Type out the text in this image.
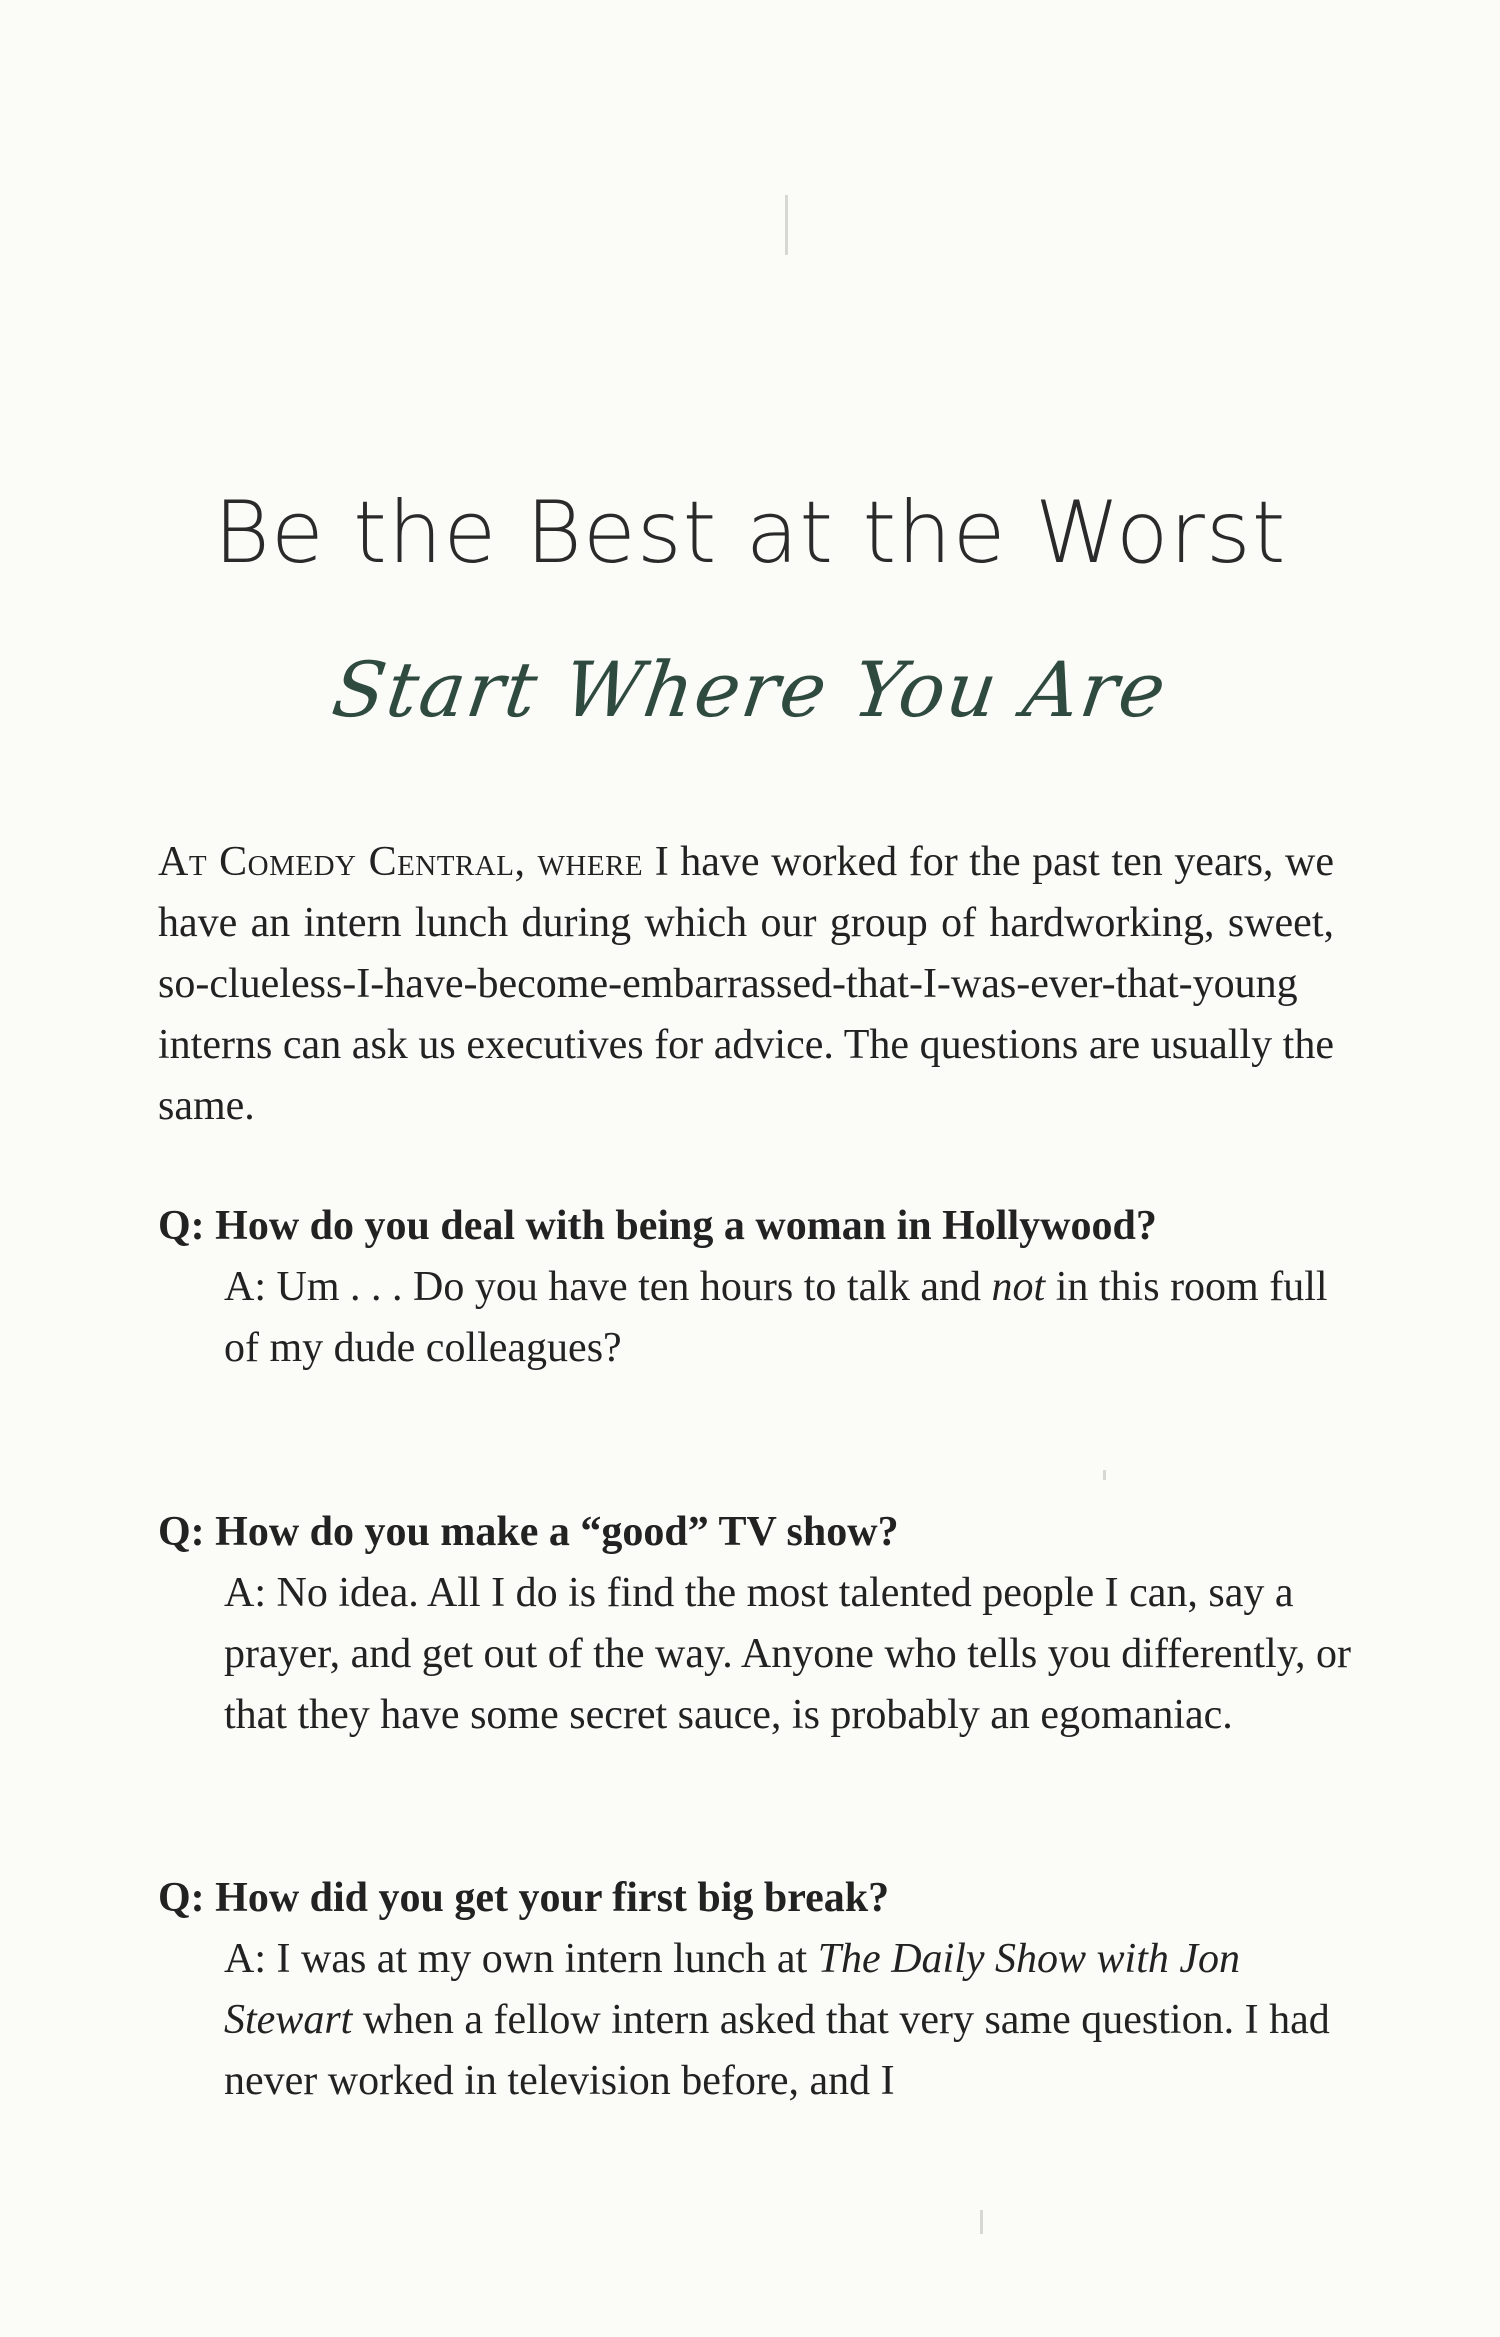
Be the Best at the Worst
Start Where You Are
At Comedy Central, where I have worked for the past ten years, we have an intern lunch during which our group of hardworking, sweet, so-clueless-I-have-become-embarrassed-that-I-was-ever-that-young interns can ask us executives for advice. The questions are usually the same.

Q: How do you deal with being a woman in Hollywood?

A: Um . . . Do you have ten hours to talk and not in this room full of my dude colleagues?

Q: How do you make a “good” TV show?

A: No idea. All I do is find the most talented people I can, say a prayer, and get out of the way. Anyone who tells you differently, or that they have some secret sauce, is probably an egomaniac.

Q: How did you get your first big break?

A: I was at my own intern lunch at The Daily Show with Jon Stewart when a fellow intern asked that very same question. I had never worked in television before, and I
